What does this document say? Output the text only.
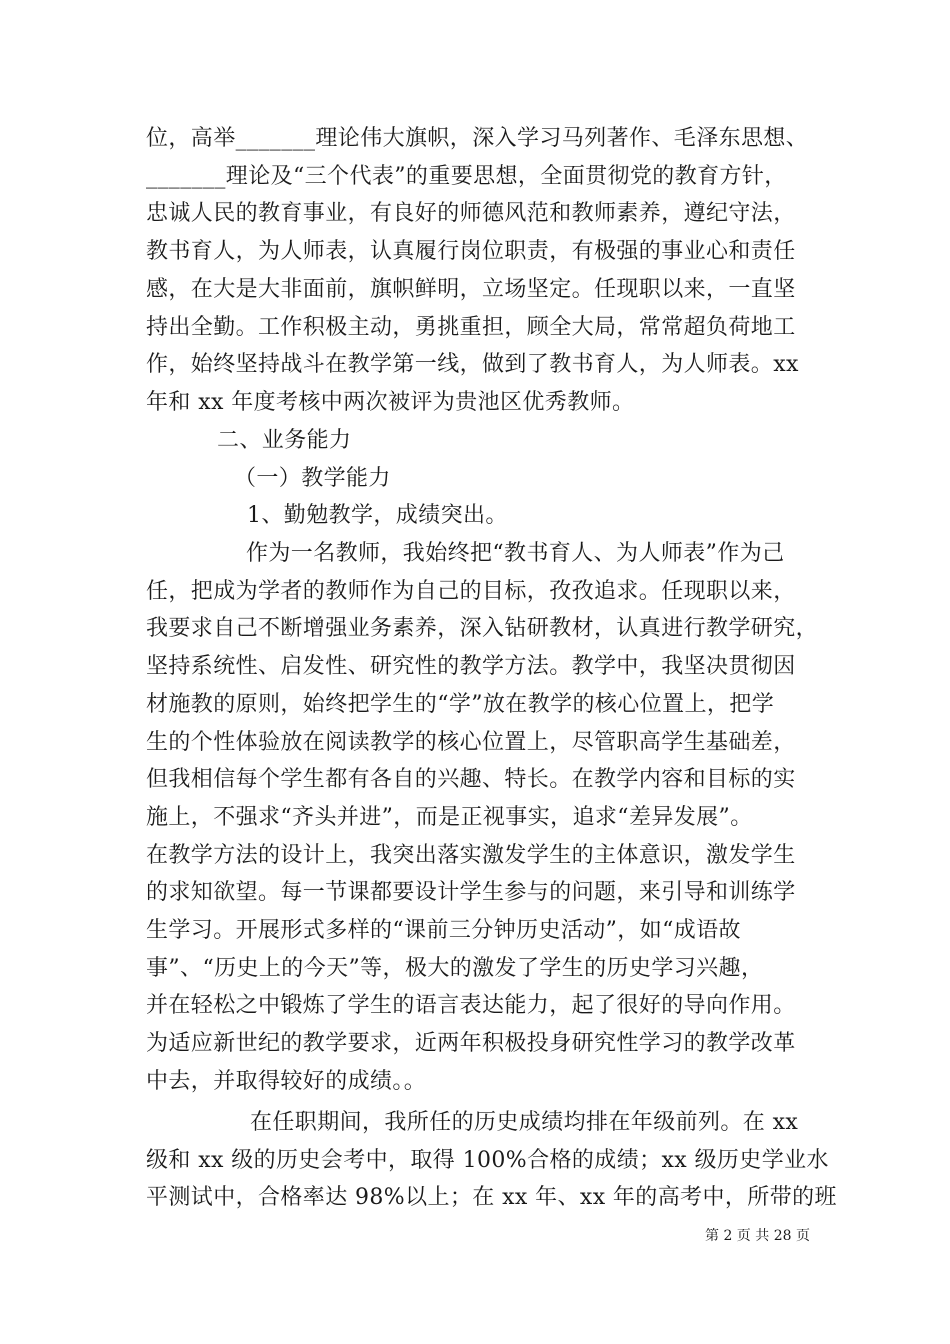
位，高举_______理论伟大旗帜，深入学习马列著作、毛泽东思想、
_______理论及“三个代表”的重要思想，全面贯彻党的教育方针，
忠诚人民的教育事业，有良好的师德风范和教师素养，遵纪守法，
教书育人，为人师表，认真履行岗位职责，有极强的事业心和责任
感，在大是大非面前，旗帜鲜明，立场坚定。任现职以来，一直坚
持出全勤。工作积极主动，勇挑重担，顾全大局，常常超负荷地工
作，始终坚持战斗在教学第一线，做到了教书育人，为人师表。xx
年和 xx 年度考核中两次被评为贵池区优秀教师。
二、业务能力
（一）教学能力
1、勤勉教学，成绩突出。
作为一名教师，我始终把“教书育人、为人师表”作为己
任，把成为学者的教师作为自己的目标，孜孜追求。任现职以来，
我要求自己不断增强业务素养，深入钻研教材，认真进行教学研究，
坚持系统性、启发性、研究性的教学方法。教学中，我坚决贯彻因
材施教的原则，始终把学生的“学”放在教学的核心位置上，把学
生的个性体验放在阅读教学的核心位置上，尽管职高学生基础差，
但我相信每个学生都有各自的兴趣、特长。在教学内容和目标的实
施上，不强求“齐头并进”，而是正视事实，追求“差异发展”。
在教学方法的设计上，我突出落实激发学生的主体意识，激发学生
的求知欲望。每一节课都要设计学生参与的问题，来引导和训练学
生学习。开展形式多样的“课前三分钟历史活动”，如“成语故
事”、“历史上的今天”等，极大的激发了学生的历史学习兴趣，
并在轻松之中锻炼了学生的语言表达能力，起了很好的导向作用。
为适应新世纪的教学要求，近两年积极投身研究性学习的教学改革
中去，并取得较好的成绩。。
在任职期间，我所任的历史成绩均排在年级前列。在 xx
级和 xx 级的历史会考中，取得 100%合格的成绩；xx 级历史学业水
平测试中，合格率达 98%以上；在 xx 年、xx 年的高考中，所带的班
第 2 页 共 28 页
